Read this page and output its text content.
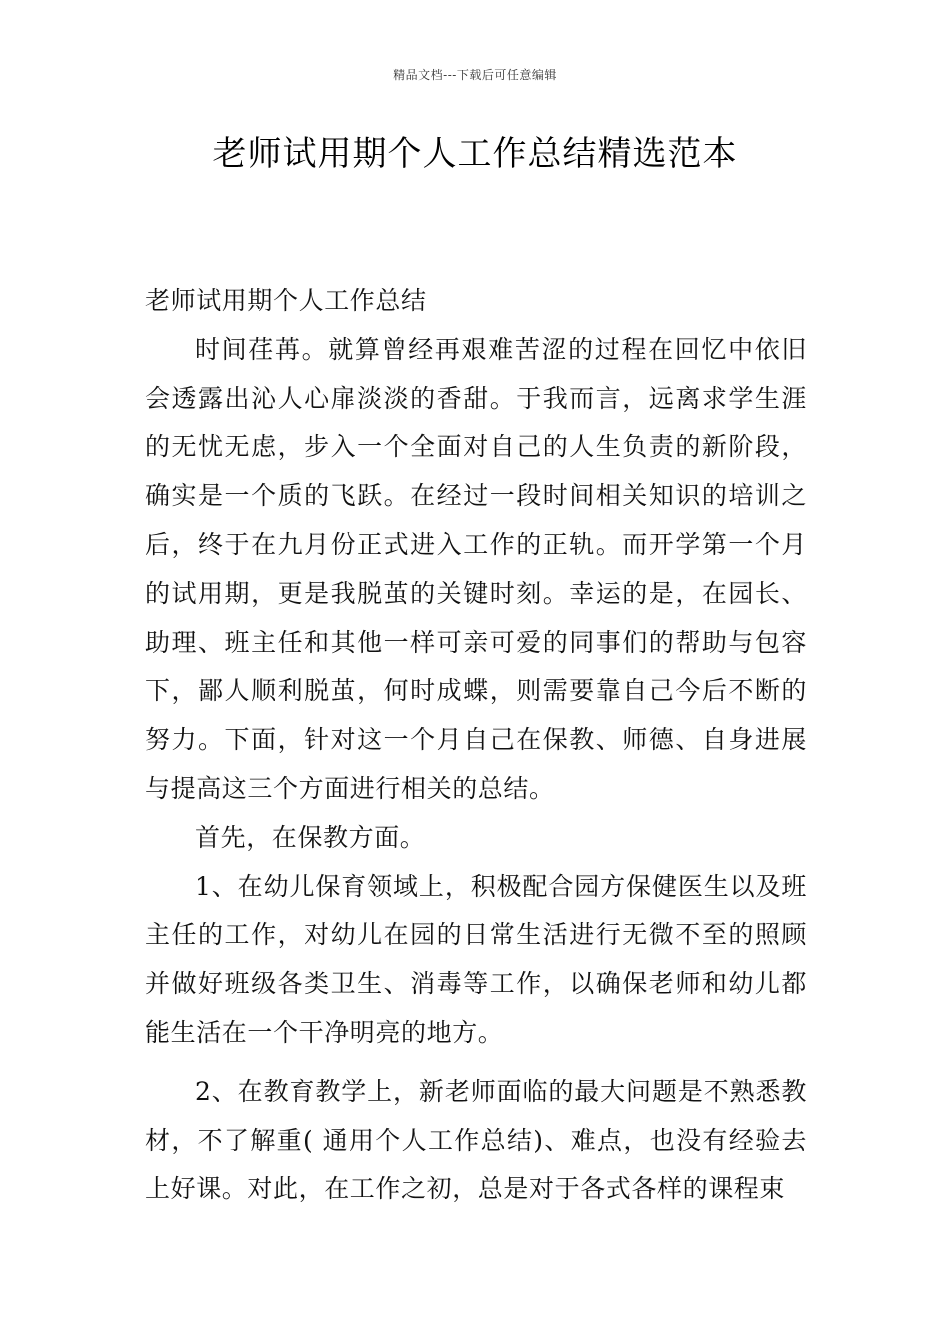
精品文档---下载后可任意编辑
老师试用期个人工作总结精选范本

老师试用期个人工作总结

时间荏苒。就算曾经再艰难苦涩的过程在回忆中依旧会透露出沁人心扉淡淡的香甜。于我而言，远离求学生涯的无忧无虑，步入一个全面对自己的人生负责的新阶段，确实是一个质的飞跃。在经过一段时间相关知识的培训之后，终于在九月份正式进入工作的正轨。而开学第一个月的试用期，更是我脱茧的关键时刻。幸运的是，在园长、助理、班主任和其他一样可亲可爱的同事们的帮助与包容下，鄙人顺利脱茧，何时成蝶，则需要靠自己今后不断的努力。下面，针对这一个月自己在保教、师德、自身进展与提高这三个方面进行相关的总结。

首先，在保教方面。

1、在幼儿保育领域上，积极配合园方保健医生以及班主任的工作，对幼儿在园的日常生活进行无微不至的照顾并做好班级各类卫生、消毒等工作，以确保老师和幼儿都能生活在一个干净明亮的地方。

2、在教育教学上，新老师面临的最大问题是不熟悉教材，不了解重( 通用个人工作总结)、难点，也没有经验去上好课。对此，在工作之初，总是对于各式各样的课程束
